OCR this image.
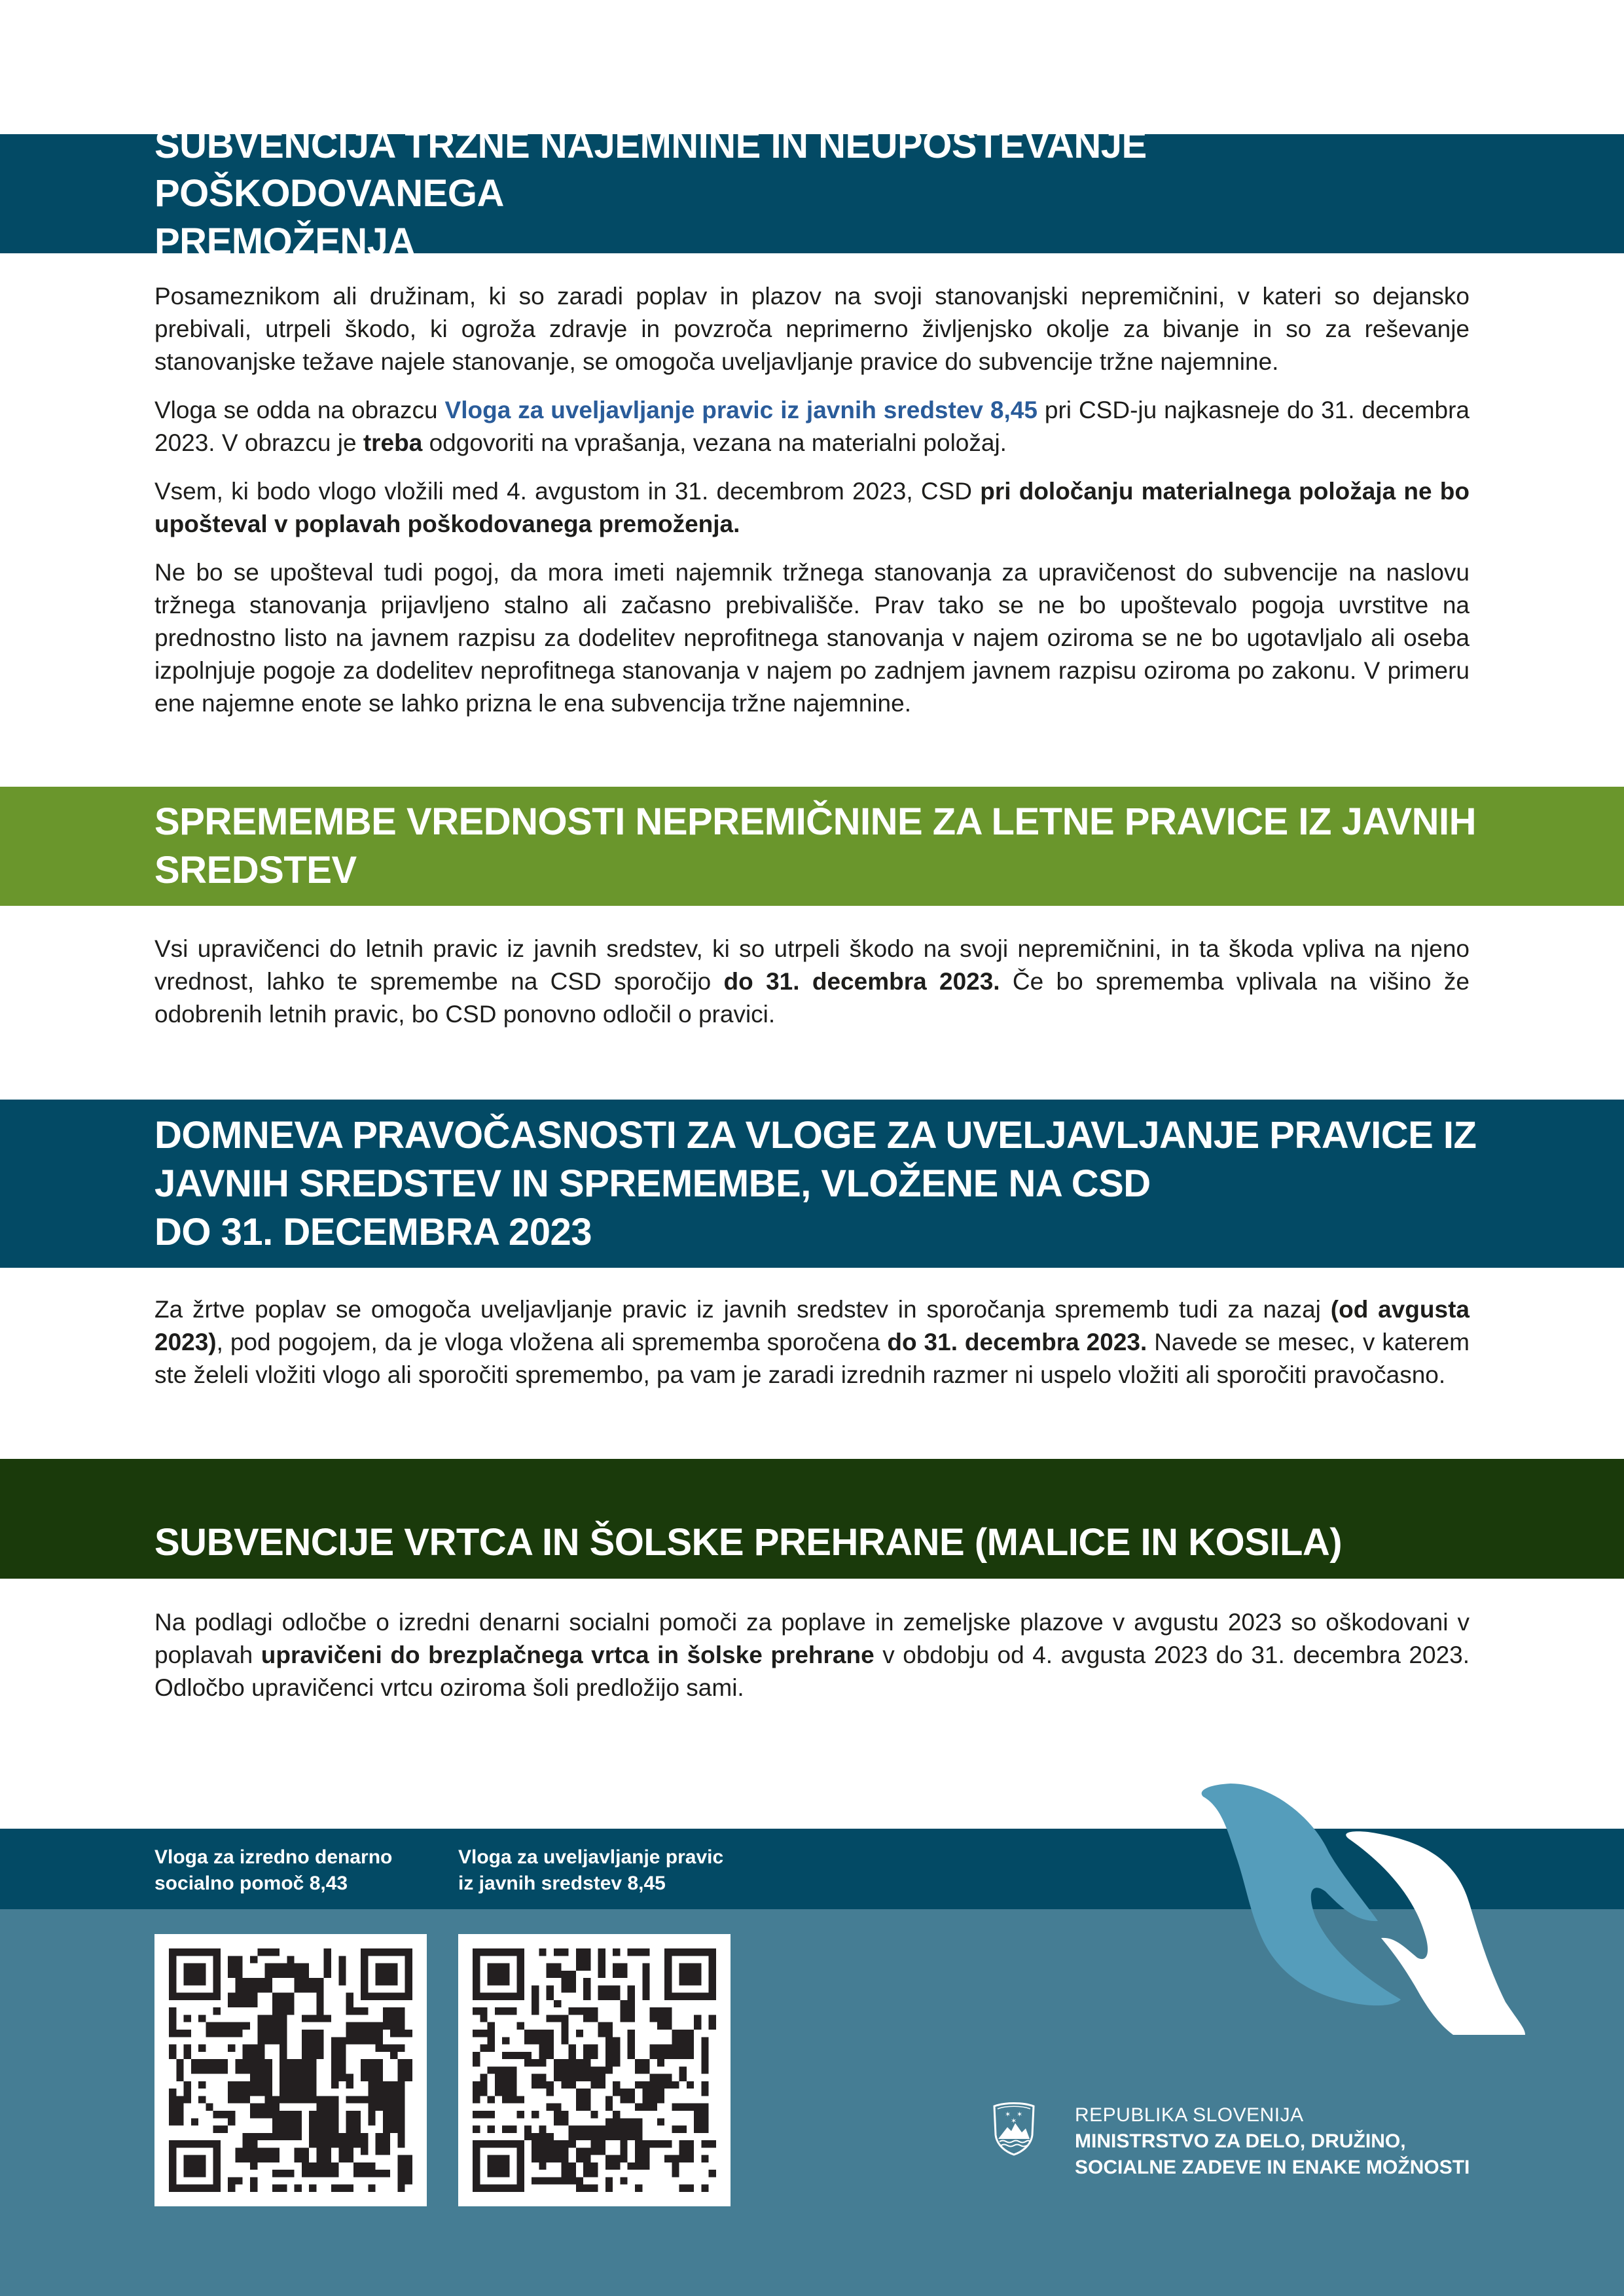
SUBVENCIJA TRŽNE NAJEMNINE IN NEUPOŠTEVANJE POŠKODOVANEGA
PREMOŽENJA

Posameznikom ali družinam, ki so zaradi poplav in plazov na svoji stanovanjski nepremičnini, v kateri so dejansko prebivali, utrpeli škodo, ki ogroža zdravje in povzroča neprimerno življenjsko okolje za bivanje in so za reševanje stanovanjske težave najele stanovanje, se omogoča uveljavljanje pravice do subvencije tržne najemnine.

Vloga se odda na obrazcu Vloga za uveljavljanje pravic iz javnih sredstev 8,45 pri CSD-ju najkasneje do 31. decembra 2023. V obrazcu je treba odgovoriti na vprašanja, vezana na materialni položaj.

Vsem, ki bodo vlogo vložili med 4. avgustom in 31. decembrom 2023, CSD pri določanju materialnega položaja ne bo upošteval v poplavah poškodovanega premoženja.

Ne bo se upošteval tudi pogoj, da mora imeti najemnik tržnega stanovanja za upravičenost do subvencije na naslovu tržnega stanovanja prijavljeno stalno ali začasno prebivališče. Prav tako se ne bo upoštevalo pogoja uvrstitve na prednostno listo na javnem razpisu za dodelitev neprofitnega stanovanja v najem oziroma se ne bo ugotavljalo ali oseba izpolnjuje pogoje za dodelitev neprofitnega stanovanja v najem po zadnjem javnem razpisu oziroma po zakonu. V primeru ene najemne enote se lahko prizna le ena subvencija tržne najemnine.

SPREMEMBE VREDNOSTI NEPREMIČNINE ZA LETNE PRAVICE IZ JAVNIH
SREDSTEV

Vsi upravičenci do letnih pravic iz javnih sredstev, ki so utrpeli škodo na svoji nepremičnini, in ta škoda vpliva na njeno vrednost, lahko te spremembe na CSD sporočijo do 31. decembra 2023. Če bo sprememba vplivala na višino že odobrenih letnih pravic, bo CSD ponovno odločil o pravici.

DOMNEVA PRAVOČASNOSTI ZA VLOGE ZA UVELJAVLJANJE PRAVICE IZ
JAVNIH SREDSTEV IN SPREMEMBE, VLOŽENE NA CSD
DO 31. DECEMBRA 2023

Za žrtve poplav se omogoča uveljavljanje pravic iz javnih sredstev in sporočanja sprememb tudi za nazaj (od avgusta 2023), pod pogojem, da je vloga vložena ali sprememba sporočena do 31. decembra 2023. Navede se mesec, v katerem ste želeli vložiti vlogo ali sporočiti spremembo, pa vam je zaradi izrednih razmer ni uspelo vložiti ali sporočiti pravočasno.

SUBVENCIJE VRTCA IN ŠOLSKE PREHRANE (MALICE IN KOSILA)

Na podlagi odločbe o izredni denarni socialni pomoči za poplave in zemeljske plazove v avgustu 2023 so oškodovani v poplavah upravičeni do brezplačnega vrtca in šolske prehrane v obdobju od 4. avgusta 2023 do 31. decembra 2023. Odločbo upravičenci vrtcu oziroma šoli predložijo sami.

Vloga za izredno denarno
socialno pomoč 8,43
Vloga za uveljavljanje pravic
iz javnih sredstev 8,45
✶ ✶
✶	REPUBLIKA SLOVENIJA
MINISTRSTVO ZA DELO, DRUŽINO,
SOCIALNE ZADEVE IN ENAKE MOŽNOSTI
